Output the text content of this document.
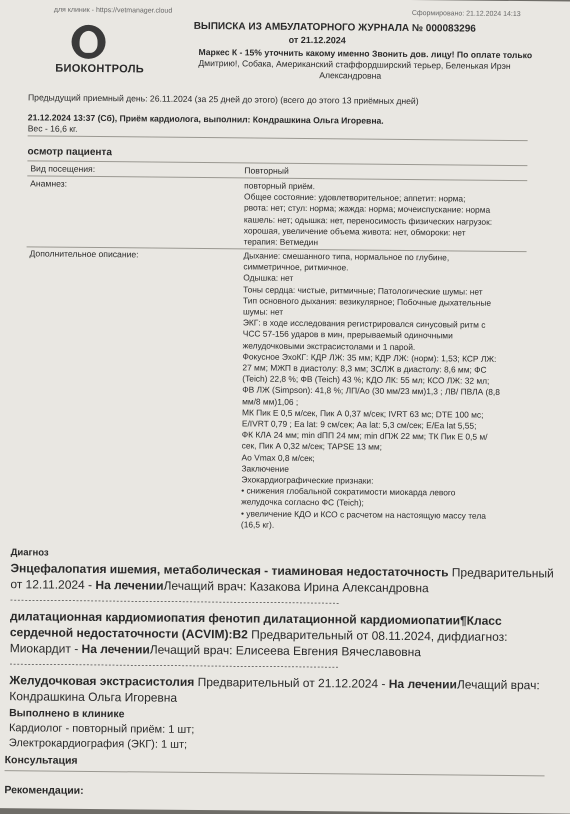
для клиник - https://vetmanager.cloud	Сформировано: 21.12.2024 14:13
БИОКОНТРОЛЬ
ВЫПИСКА ИЗ АМБУЛАТОРНОГО ЖУРНАЛА № 000083296
от 21.12.2024
Маркес К - 15% уточнить какому именно Звонить дов. лицу! По оплате только
Дмитрию!, Собака, Американский стаффордширский терьер, Беленькая Ирэн
Александровна
Предыдущий приемный день: 26.11.2024 (за 25 дней до этого) (всего до этого 13 приёмных дней)
21.12.2024 13:37 (Сб), Приём кардиолога, выполнил: Кондрашкина Ольга Игоревна.
Вес - 16,6 кг.
осмотр пациента
Вид посещения:	Повторный
Анамнез:	повторный приём.
Общее состояние: удовлетворительное; аппетит: норма;
рвота: нет; стул: норма; жажда: норма; мочеиспускание: норма
кашель: нет; одышка: нет, переносимость физических нагрузок:
хорошая, увеличение объема живота: нет, обмороки: нет
терапия: Ветмедин
Дополнительное описание:	Дыхание: смешанного типа, нормальное по глубине,
симметричное, ритмичное.
Одышка: нет
Тоны сердца: чистые, ритмичные; Патологические шумы: нет
Тип основного дыхания: везикулярное; Побочные дыхательные
шумы: нет
ЭКГ: в ходе исследования регистрировался синусовый ритм с
ЧСС 57-156 ударов в мин, прерываемый одиночными
желудочковыми экстрасистолами и 1 парой.
Фокусное ЭхоКГ: КДР ЛЖ: 35 мм; КДР ЛЖ: (норм): 1,53; КСР ЛЖ:
27 мм; МЖП в диастолу: 8,3 мм; ЗСЛЖ в диастолу: 8,6 мм; ФС
(Teich) 22,8 %; ФВ (Teich) 43 %; КДО ЛК: 55 мл; КСО ЛЖ: 32 мл;
ФВ ЛЖ (Simpson): 41,8 %; ЛП/Ао (30 мм/23 мм)1,3 ; ЛВ/ ПВЛА (8,8
мм/8 мм)1,06 ;
МК Пик Е 0,5 м/сек, Пик А 0,37 м/сек; IVRT 63 мс; DTE 100 мс;
E/IVRT 0,79 ; Ea lat: 9 см/сек; Aa lat: 5,3 см/сек; E/Ea lat 5,55;
ФК КЛА 24 мм; min dПП 24 мм; min dПЖ 22 мм; ТК Пик Е 0,5 м/
сек, Пик А 0,32 м/сек; TAPSE 13 мм;
Ao Vmax 0,8 м/сек;
Заключение
Эхокардиографические признаки:
• снижения глобальной сократимости миокарда левого
желудочка согласно ФС (Teich);
• увеличение КДО и КСО с расчетом на настоящую массу тела
(16,5 кг).
Диагноз
Энцефалопатия ишемия, метаболическая - тиаминовая недостаточность Предварительный
от 12.11.2024 - На леченииЛечащий врач: Казакова Ирина Александровна
------------------------------------------------------------------------------------------
дилатационная кардиомиопатия фенотип дилатационной кардиомиопатии¶Класс
сердечной недостаточности (ACVIM):B2 Предварительный от 08.11.2024, дифдиагноз:
Миокардит - На леченииЛечащий врач: Елисеева Евгения Вячеславовна
------------------------------------------------------------------------------------------
Желудочковая экстрасистолия Предварительный от 21.12.2024 - На леченииЛечащий врач:
Кондрашкина Ольга Игоревна
Выполнено в клинике
Кардиолог - повторный приём: 1 шт;
Электрокардиография (ЭКГ): 1 шт;
Консультация
Рекомендации:
